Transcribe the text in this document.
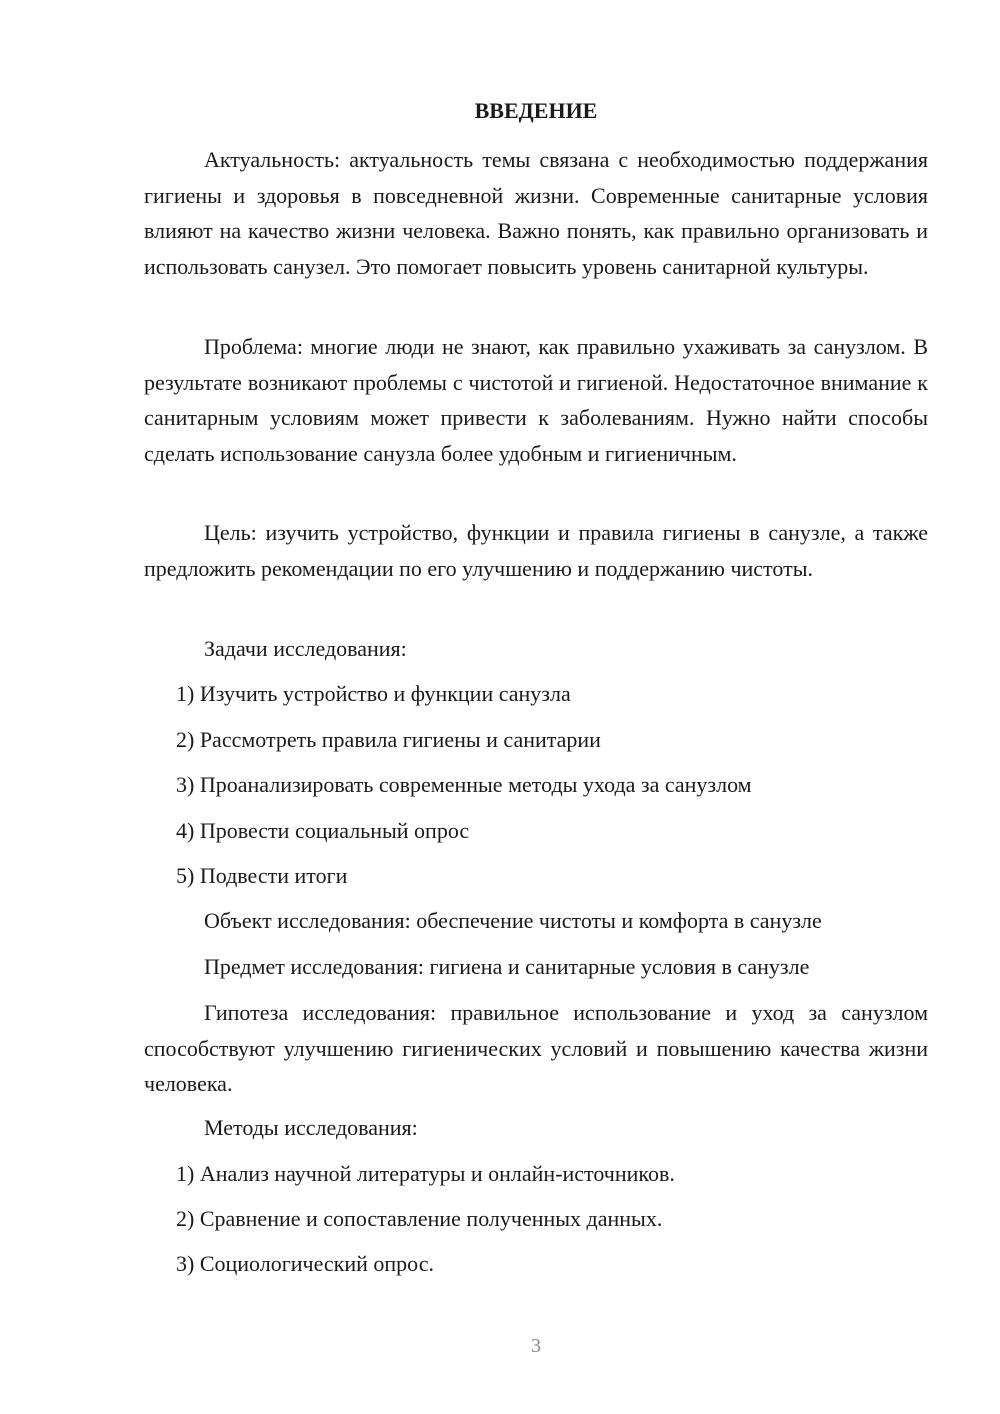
ВВЕДЕНИЕ

Актуальность: актуальность темы связана с необходимостью поддержания гигиены и здоровья в повседневной жизни. Современные санитарные условия влияют на качество жизни человека. Важно понять, как правильно организовать и использовать санузел. Это помогает повысить уровень санитарной культуры.

Проблема: многие люди не знают, как правильно ухаживать за санузлом. В результате возникают проблемы с чистотой и гигиеной. Недостаточное внимание к санитарным условиям может привести к заболеваниям. Нужно найти способы сделать использование санузла более удобным и гигиеничным.

Цель: изучить устройство, функции и правила гигиены в санузле, а также предложить рекомендации по его улучшению и поддержанию чистоты.

Задачи исследования:

1) Изучить устройство и функции санузла

2) Рассмотреть правила гигиены и санитарии

3) Проанализировать современные методы ухода за санузлом

4) Провести социальный опрос

5) Подвести итоги

Объект исследования: обеспечение чистоты и комфорта в санузле

Предмет исследования: гигиена и санитарные условия в санузле

Гипотеза исследования: правильное использование и уход за санузлом способствуют улучшению гигиенических условий и повышению качества жизни человека.

Методы исследования:

1) Анализ научной литературы и онлайн-источников.

2) Сравнение и сопоставление полученных данных.

3) Социологический опрос.

3
